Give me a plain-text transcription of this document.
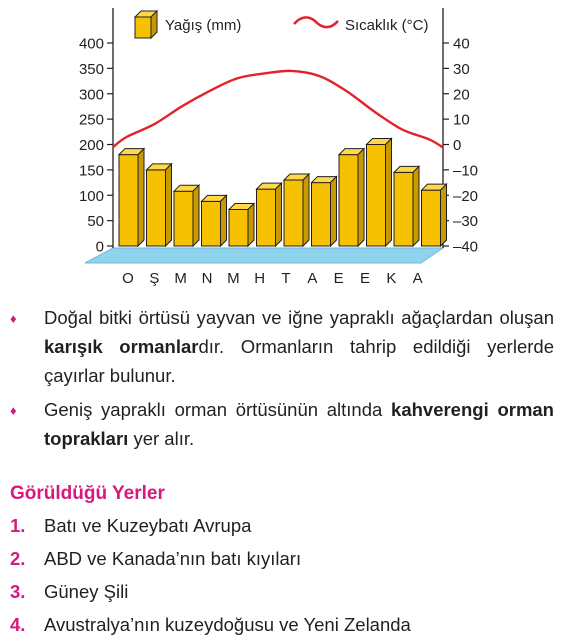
0
50
100
150
200
250
300
350
400	40
30
20
10
0
–10
–20
–30
–40
Yağış (mm)	Sıcaklık (°C)
O Ş M N M H T A E E K A
♦ Doğal bitki örtüsü yayvan ve iğne yapraklı ağaçlardan oluşan karışık ormanlardır. Ormanların tahrip edildiği yerlerde çayırlar bulunur.
♦ Geniş yapraklı orman örtüsünün altında kahverengi orman toprakları yer alır.
Görüldüğü Yerler
1. Batı ve Kuzeybatı Avrupa
2. ABD ve Kanada’nın batı kıyıları
3. Güney Şili
4. Avustralya’nın kuzeydoğusu ve Yeni Zelanda
